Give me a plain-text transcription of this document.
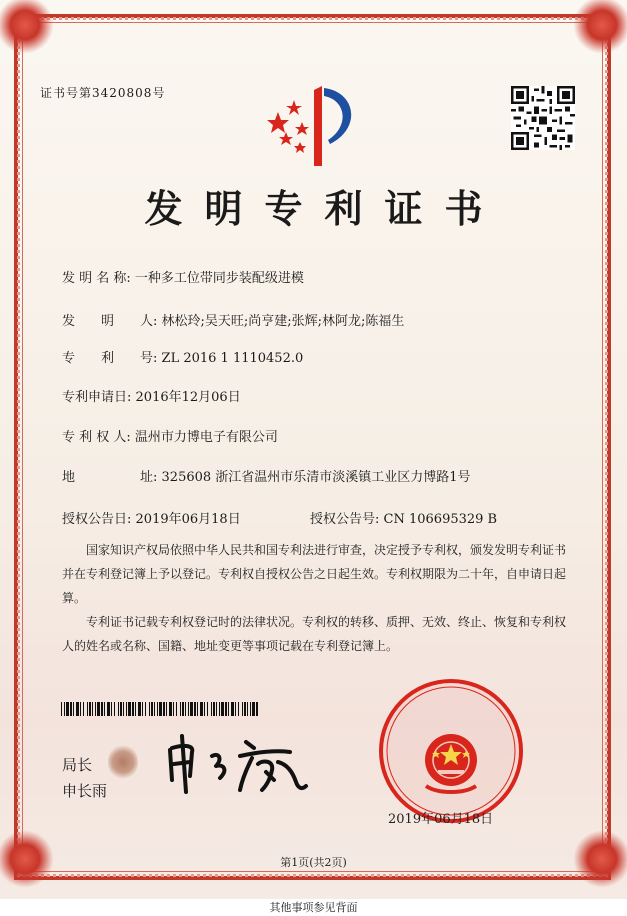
证书号第3420808号
发明专利证书
发 明 名 称: 一种多工位带同步装配级进模
发　　明　　人: 林松玲;吴天旺;尚亨建;张辉;林阿龙;陈福生
专　　利　　号: ZL 2016 1 1110452.0
专利申请日: 2016年12月06日
专 利 权 人: 温州市力博电子有限公司
地　　　　　址: 325608 浙江省温州市乐清市淡溪镇工业区力博路1号
授权公告日: 2019年06月18日	授权公告号: CN 106695329 B
国家知识产权局依照中华人民共和国专利法进行审查，决定授予专利权，颁发发明专利证书并在专利登记簿上予以登记。专利权自授权公告之日起生效。专利权期限为二十年，自申请日起算。
专利证书记载专利权登记时的法律状况。专利权的转移、质押、无效、终止、恢复和专利权人的姓名或名称、国籍、地址变更等事项记载在专利登记簿上。
局长
申长雨
2019年06月18日
第1页(共2页)
其他事项参见背面
